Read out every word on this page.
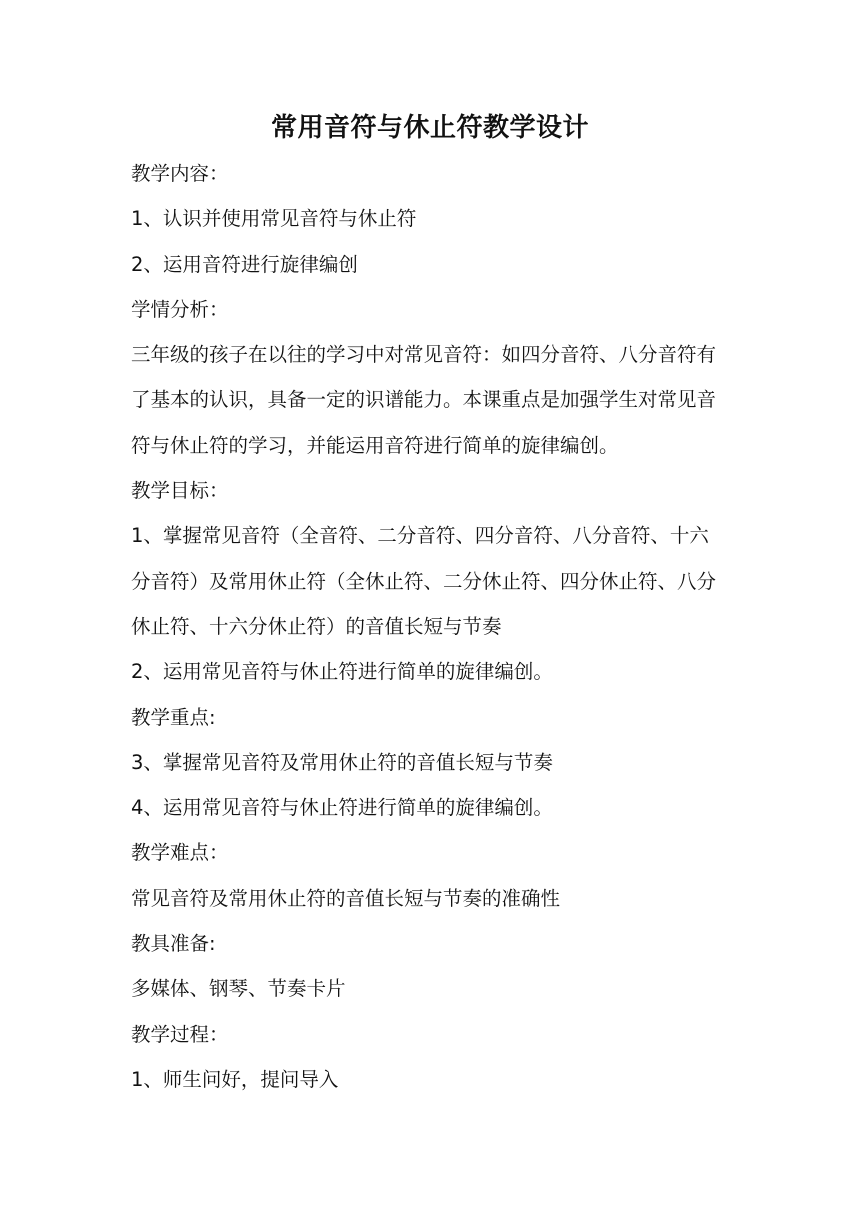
常用音符与休止符教学设计
教学内容：
1、认识并使用常见音符与休止符
2、运用音符进行旋律编创
学情分析：
三年级的孩子在以往的学习中对常见音符：如四分音符、八分音符有
了基本的认识，具备一定的识谱能力。本课重点是加强学生对常见音
符与休止符的学习，并能运用音符进行简单的旋律编创。
教学目标：
1、掌握常见音符（全音符、二分音符、四分音符、八分音符、十六
分音符）及常用休止符（全休止符、二分休止符、四分休止符、八分
休止符、十六分休止符）的音值长短与节奏
2、运用常见音符与休止符进行简单的旋律编创。
教学重点:
3、掌握常见音符及常用休止符的音值长短与节奏
4、运用常见音符与休止符进行简单的旋律编创。
教学难点：
常见音符及常用休止符的音值长短与节奏的准确性
教具准备:
多媒体、钢琴、节奏卡片
教学过程：
1、师生问好，提问导入
